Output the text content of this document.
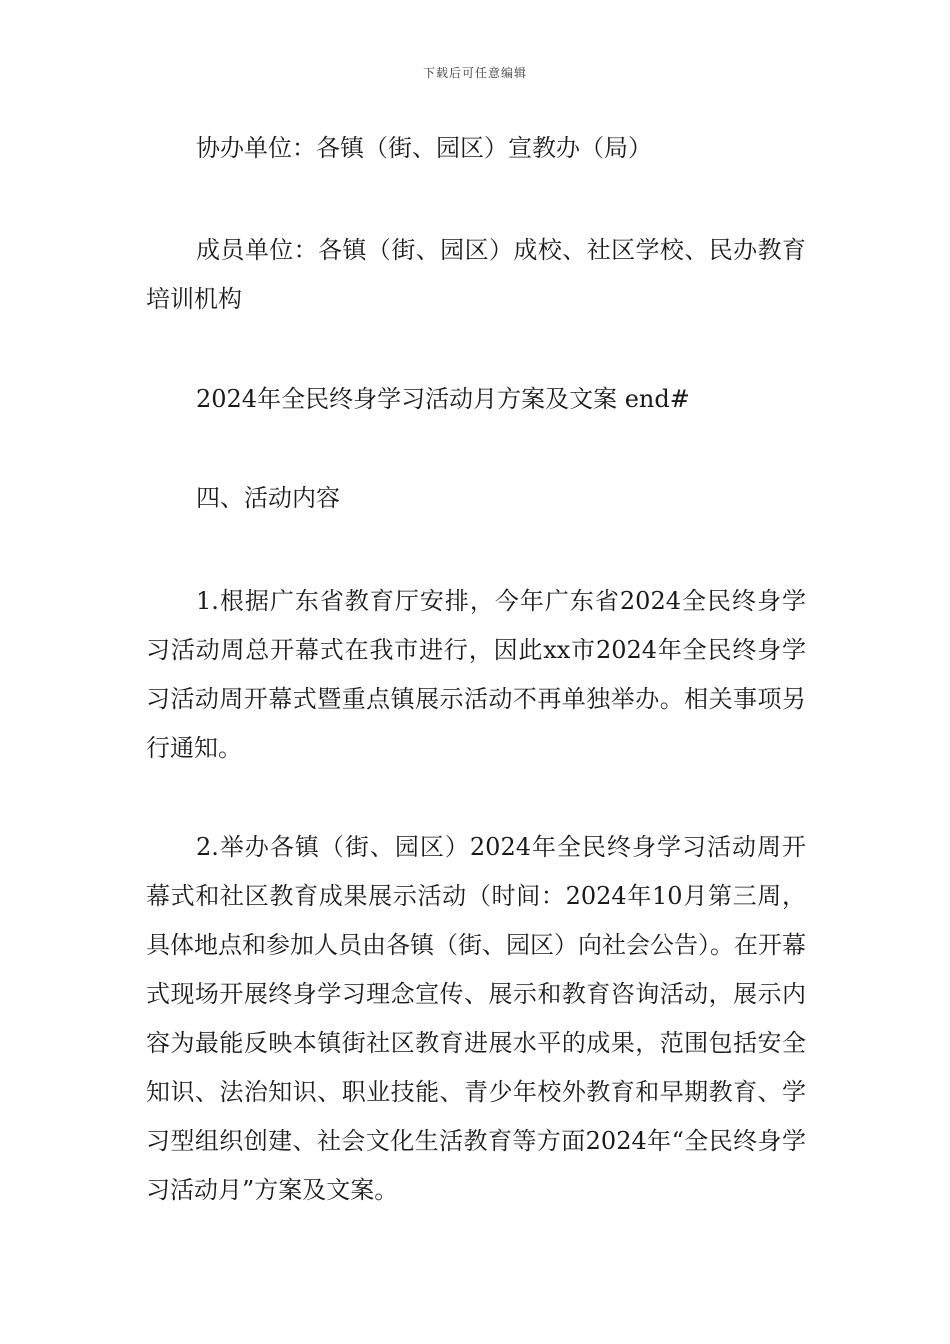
下载后可任意编辑

协办单位：各镇（街、园区）宣教办（局）

成员单位：各镇（街、园区）成校、社区学校、民办教育培训机构

2024年全民终身学习活动月方案及文案 end#

四、活动内容

1.根据广东省教育厅安排，今年广东省2024全民终身学习活动周总开幕式在我市进行，因此xx市2024年全民终身学习活动周开幕式暨重点镇展示活动不再单独举办。相关事项另行通知。

2.举办各镇（街、园区）2024年全民终身学习活动周开幕式和社区教育成果展示活动（时间：2024年10月第三周，具体地点和参加人员由各镇（街、园区）向社会公告）。在开幕式现场开展终身学习理念宣传、展示和教育咨询活动，展示内容为最能反映本镇街社区教育进展水平的成果，范围包括安全知识、法治知识、职业技能、青少年校外教育和早期教育、学习型组织创建、社会文化生活教育等方面2024年“全民终身学习活动月”方案及文案。
